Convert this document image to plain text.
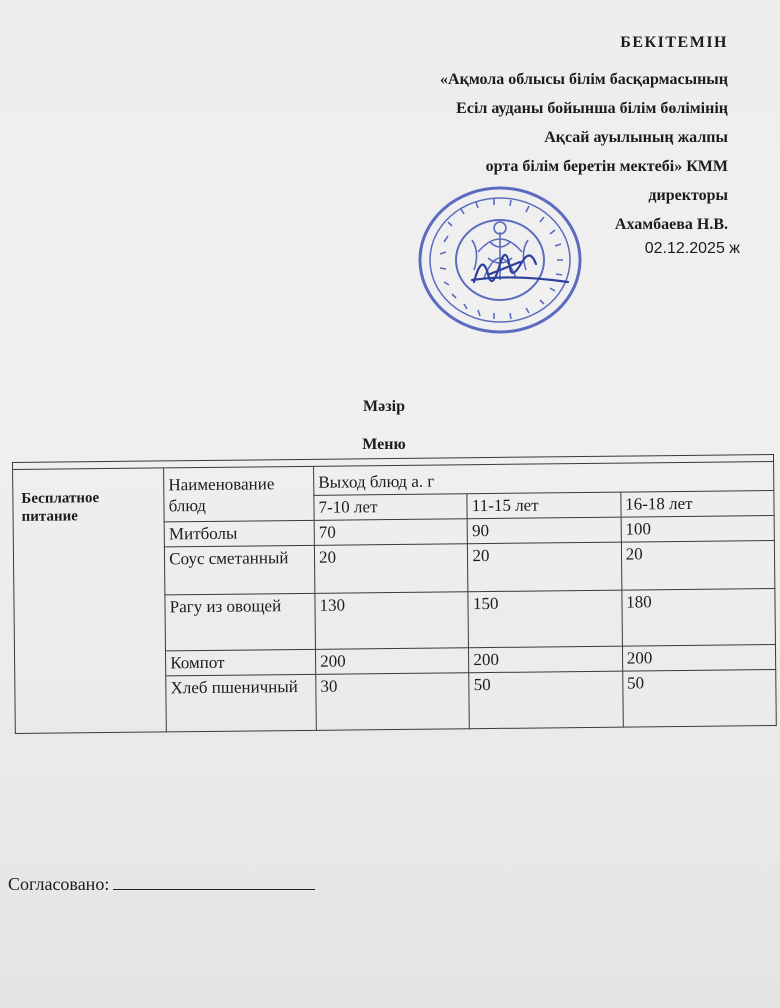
БЕКІТЕМІН
«Ақмола облысы білім басқармасының
Есіл ауданы бойынша білім бөлімінің
Ақсай ауылының жалпы
орта білім беретін мектебі» КММ
директоры
Ахамбаева Н.В.
02.12.2025 ж
Мәзір
Меню

Бесплатное питание	Наименование блюд	Выход блюд а. г		
		7-10 лет	11-15 лет	16-18 лет
	Митболы	70	90	100
	Соус сметанный	20	20	20
	Рагу из овощей	130	150	180
	Компот	200	200	200
	Хлеб пшеничный	30	50	50
Согласовано:
